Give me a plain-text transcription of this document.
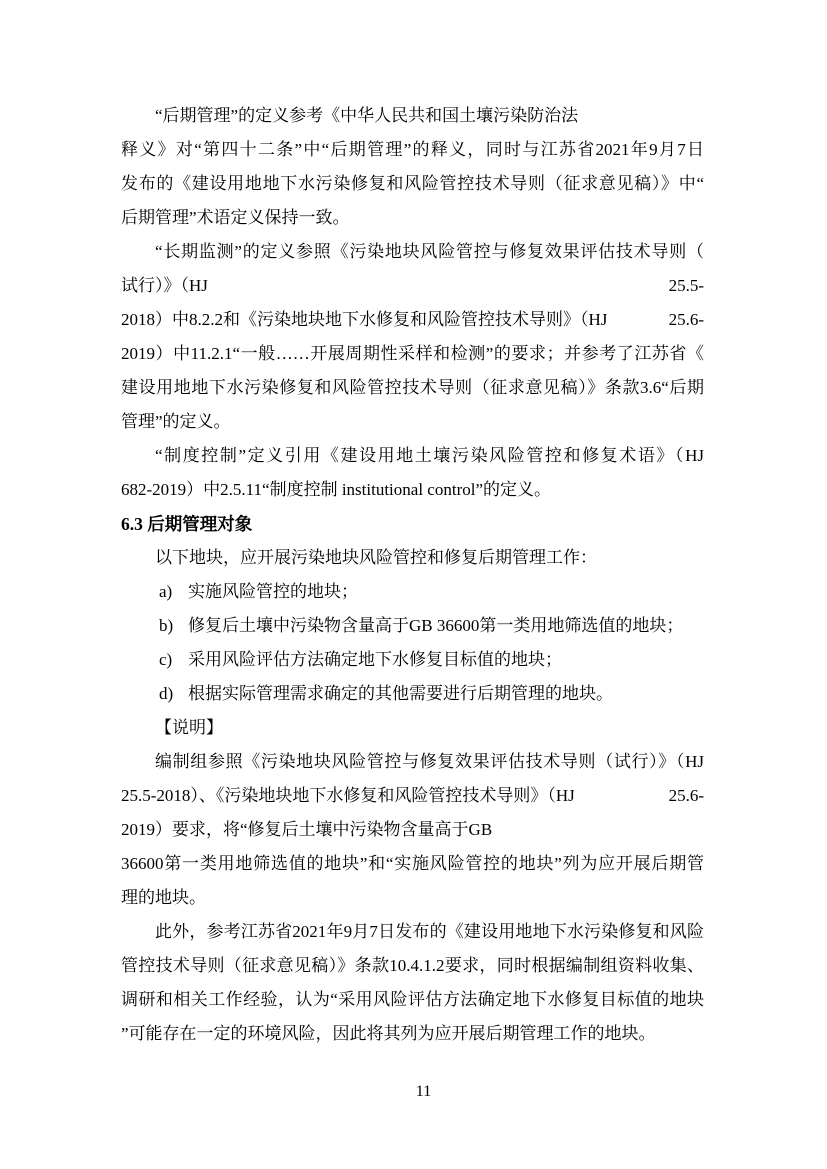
“后期管理”的定义参考《中华人民共和国土壤污染防治法
释义》对“第四十二条”中“后期管理”的释义，同时与江苏省2021年9月7日
发布的《建设用地地下水污染修复和风险管控技术导则（征求意见稿）》中“
后期管理”术语定义保持一致。
“长期监测”的定义参照《污染地块风险管控与修复效果评估技术导则（
试行）》（HJ	25.5-
2018）中8.2.2和《污染地块地下水修复和风险管控技术导则》（HJ	25.6-
2019）中11.2.1“一般……开展周期性采样和检测”的要求；并参考了江苏省《
建设用地地下水污染修复和风险管控技术导则（征求意见稿）》条款3.6“后期
管理”的定义。
“制度控制”定义引用《建设用地土壤污染风险管控和修复术语》（HJ
682-2019）中2.5.11“制度控制 institutional control”的定义。
6.3 后期管理对象
以下地块，应开展污染地块风险管控和修复后期管理工作：
a) 实施风险管控的地块；
b) 修复后土壤中污染物含量高于GB 36600第一类用地筛选值的地块；
c) 采用风险评估方法确定地下水修复目标值的地块；
d) 根据实际管理需求确定的其他需要进行后期管理的地块。
【说明】
编制组参照《污染地块风险管控与修复效果评估技术导则（试行）》（HJ
25.5-2018）、《污染地块地下水修复和风险管控技术导则》（HJ	25.6-
2019）要求，将“修复后土壤中污染物含量高于GB
36600第一类用地筛选值的地块”和“实施风险管控的地块”列为应开展后期管
理的地块。
此外，参考江苏省2021年9月7日发布的《建设用地地下水污染修复和风险
管控技术导则（征求意见稿）》条款10.4.1.2要求，同时根据编制组资料收集、
调研和相关工作经验，认为“采用风险评估方法确定地下水修复目标值的地块
”可能存在一定的环境风险，因此将其列为应开展后期管理工作的地块。
11
